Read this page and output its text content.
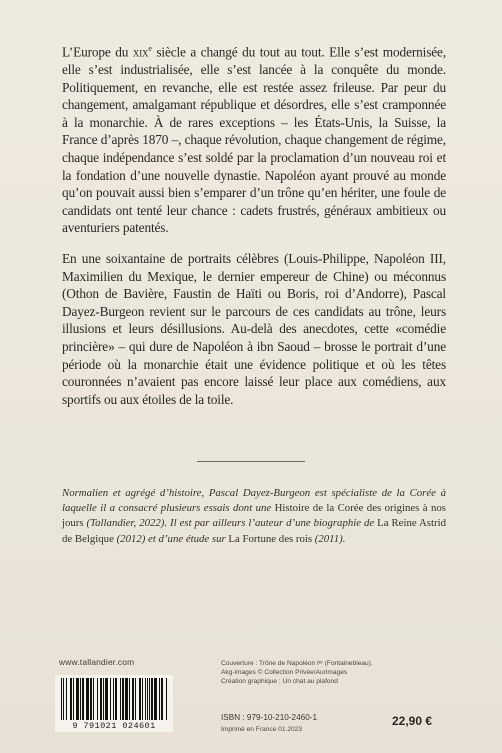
L’Europe du xix$^e$ siècle a changé du tout au tout. Elle s’est modernisée, elle s’est industrialisée, elle s’est lancée à la conquête du monde. Politiquement, en revanche, elle est restée assez frileuse. Par peur du changement, amalgamant république et désordres, elle s’est cramponnée à la monarchie. À de rares exceptions – les États-Unis, la Suisse, la France d’après 1870 –, chaque révolution, chaque changement de régime, chaque indépendance s’est soldé par la proclamation d’un nouveau roi et la fondation d’une nouvelle dynastie. Napoléon ayant prouvé au monde qu’on pouvait aussi bien s’emparer d’un trône qu’en hériter, une foule de candidats ont tenté leur chance : cadets frustrés, généraux ambitieux ou aventuriers patentés.

En une soixantaine de portraits célèbres (Louis-Philippe, Napoléon III, Maximilien du Mexique, le dernier empereur de Chine) ou méconnus (Othon de Bavière, Faustin de Haïti ou Boris, roi d’Andorre), Pascal Dayez-Burgeon revient sur le parcours de ces candidats au trône, leurs illusions et leurs désillusions. Au-delà des anecdotes, cette «comédie princière» – qui dure de Napoléon à ibn Saoud – brosse le portrait d’une période où la monarchie était une évidence politique et où les têtes couronnées n’avaient pas encore laissé leur place aux comédiens, aux sportifs ou aux étoiles de la toile.

Normalien et agrégé d’histoire, Pascal Dayez-Burgeon est spécialiste de la Corée à laquelle il a consacré plusieurs essais dont une Histoire de la Corée des origines à nos jours (Tallandier, 2022). Il est par ailleurs l’auteur d’une biographie de La Reine Astrid de Belgique (2012) et d’une étude sur La Fortune des rois (2011).
www.tallandier.com
9 791021 024601
Couverture : Trône de Napoléon Iᵉʳ (Fontainebleau).
Akg-images © Collection Privée/Aurimages
Création graphique : Un chat au plafond
ISBN : 979-10-210-2460-1
Imprimé en France 01.2023
22,90 €
